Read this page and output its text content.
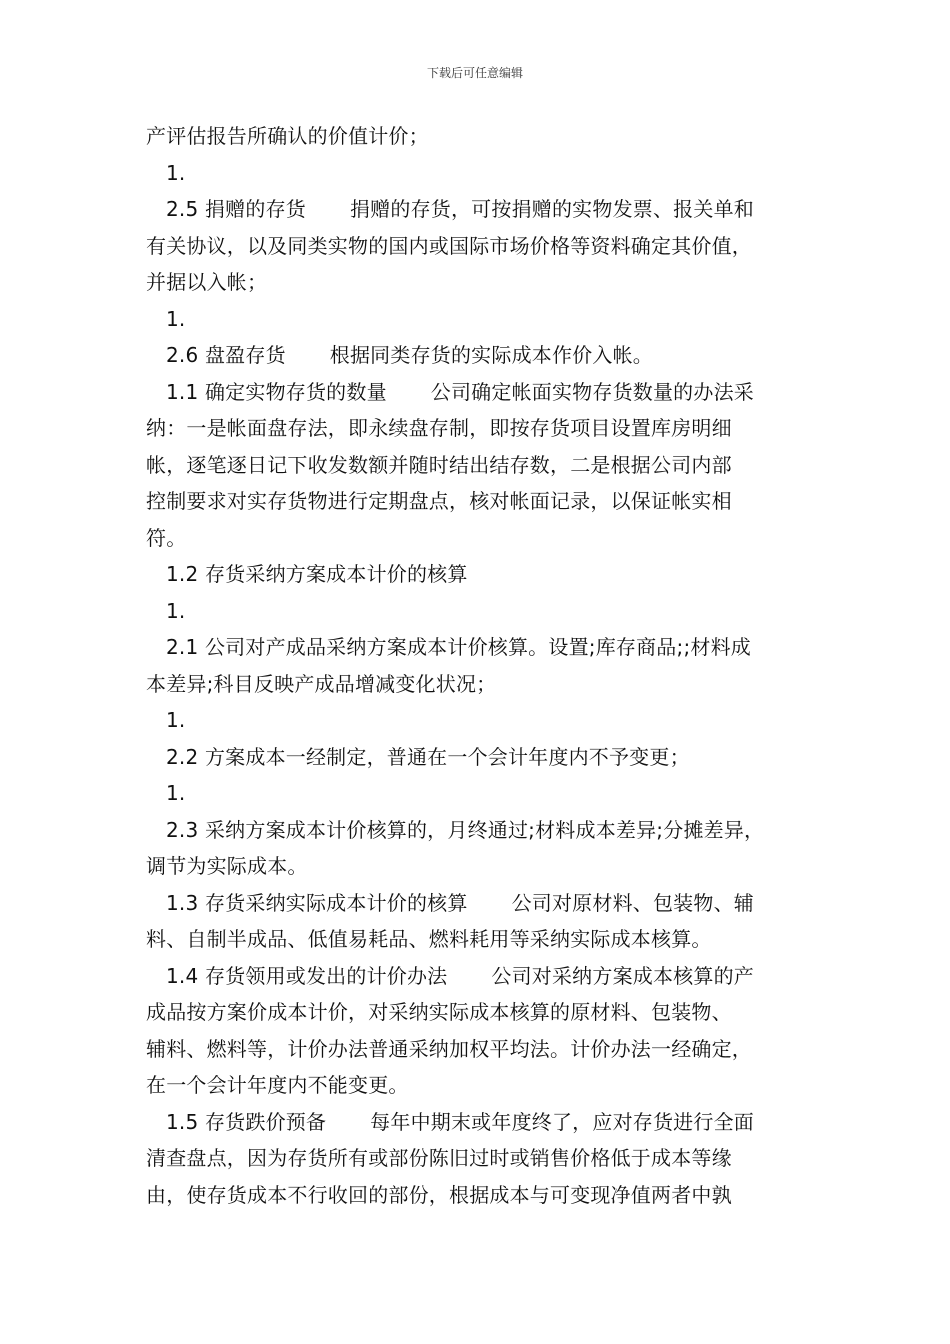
下载后可任意编辑
产评估报告所确认的价值计价；
1.
2.5 捐赠的存货 捐赠的存货，可按捐赠的实物发票、报关单和
有关协议，以及同类实物的国内或国际市场价格等资料确定其价值，
并据以入帐；
1.
2.6 盘盈存货 根据同类存货的实际成本作价入帐。
1.1 确定实物存货的数量 公司确定帐面实物存货数量的办法采
纳：一是帐面盘存法，即永续盘存制，即按存货项目设置库房明细
帐，逐笔逐日记下收发数额并随时结出结存数，二是根据公司内部
控制要求对实存货物进行定期盘点，核对帐面记录，以保证帐实相
符。
1.2 存货采纳方案成本计价的核算
1.
2.1 公司对产成品采纳方案成本计价核算。设置;库存商品;;材料成
本差异;科目反映产成品增减变化状况；
1.
2.2 方案成本一经制定，普通在一个会计年度内不予变更；
1.
2.3 采纳方案成本计价核算的，月终通过;材料成本差异;分摊差异，
调节为实际成本。
1.3 存货采纳实际成本计价的核算 公司对原材料、包装物、辅
料、自制半成品、低值易耗品、燃料耗用等采纳实际成本核算。
1.4 存货领用或发出的计价办法 公司对采纳方案成本核算的产
成品按方案价成本计价，对采纳实际成本核算的原材料、包装物、
辅料、燃料等，计价办法普通采纳加权平均法。计价办法一经确定，
在一个会计年度内不能变更。
1.5 存货跌价预备 每年中期末或年度终了，应对存货进行全面
清查盘点，因为存货所有或部份陈旧过时或销售价格低于成本等缘
由，使存货成本不行收回的部份，根据成本与可变现净值两者中孰
